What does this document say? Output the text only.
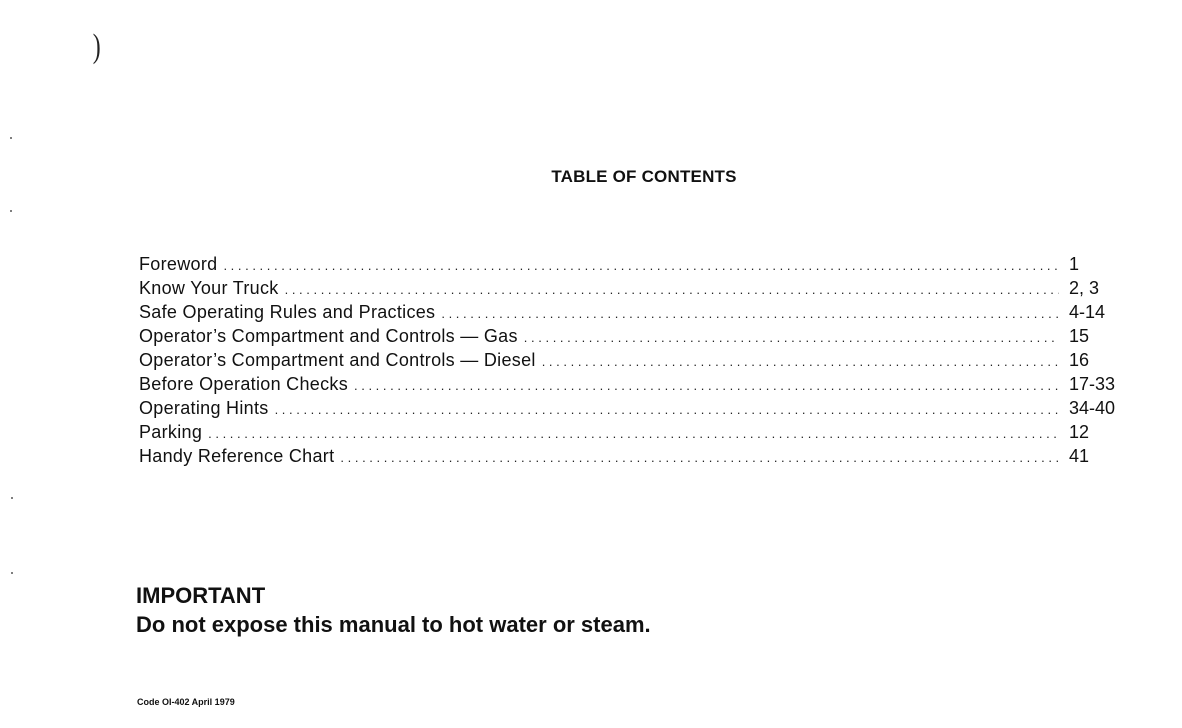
)
TABLE OF CONTENTS
Foreword . . .	1
Know Your Truck . . .	2, 3
Safe Operating Rules and Practices . . .	4-14
Operator’s Compartment and Controls — Gas . . .	15
Operator’s Compartment and Controls — Diesel . . .	16
Before Operation Checks . . .	17-33
Operating Hints . . .	34-40
Parking . . .	12
Handy Reference Chart . . .	41
IMPORTANT
Do not expose this manual to hot water or steam.
Code OI-402 April 1979
